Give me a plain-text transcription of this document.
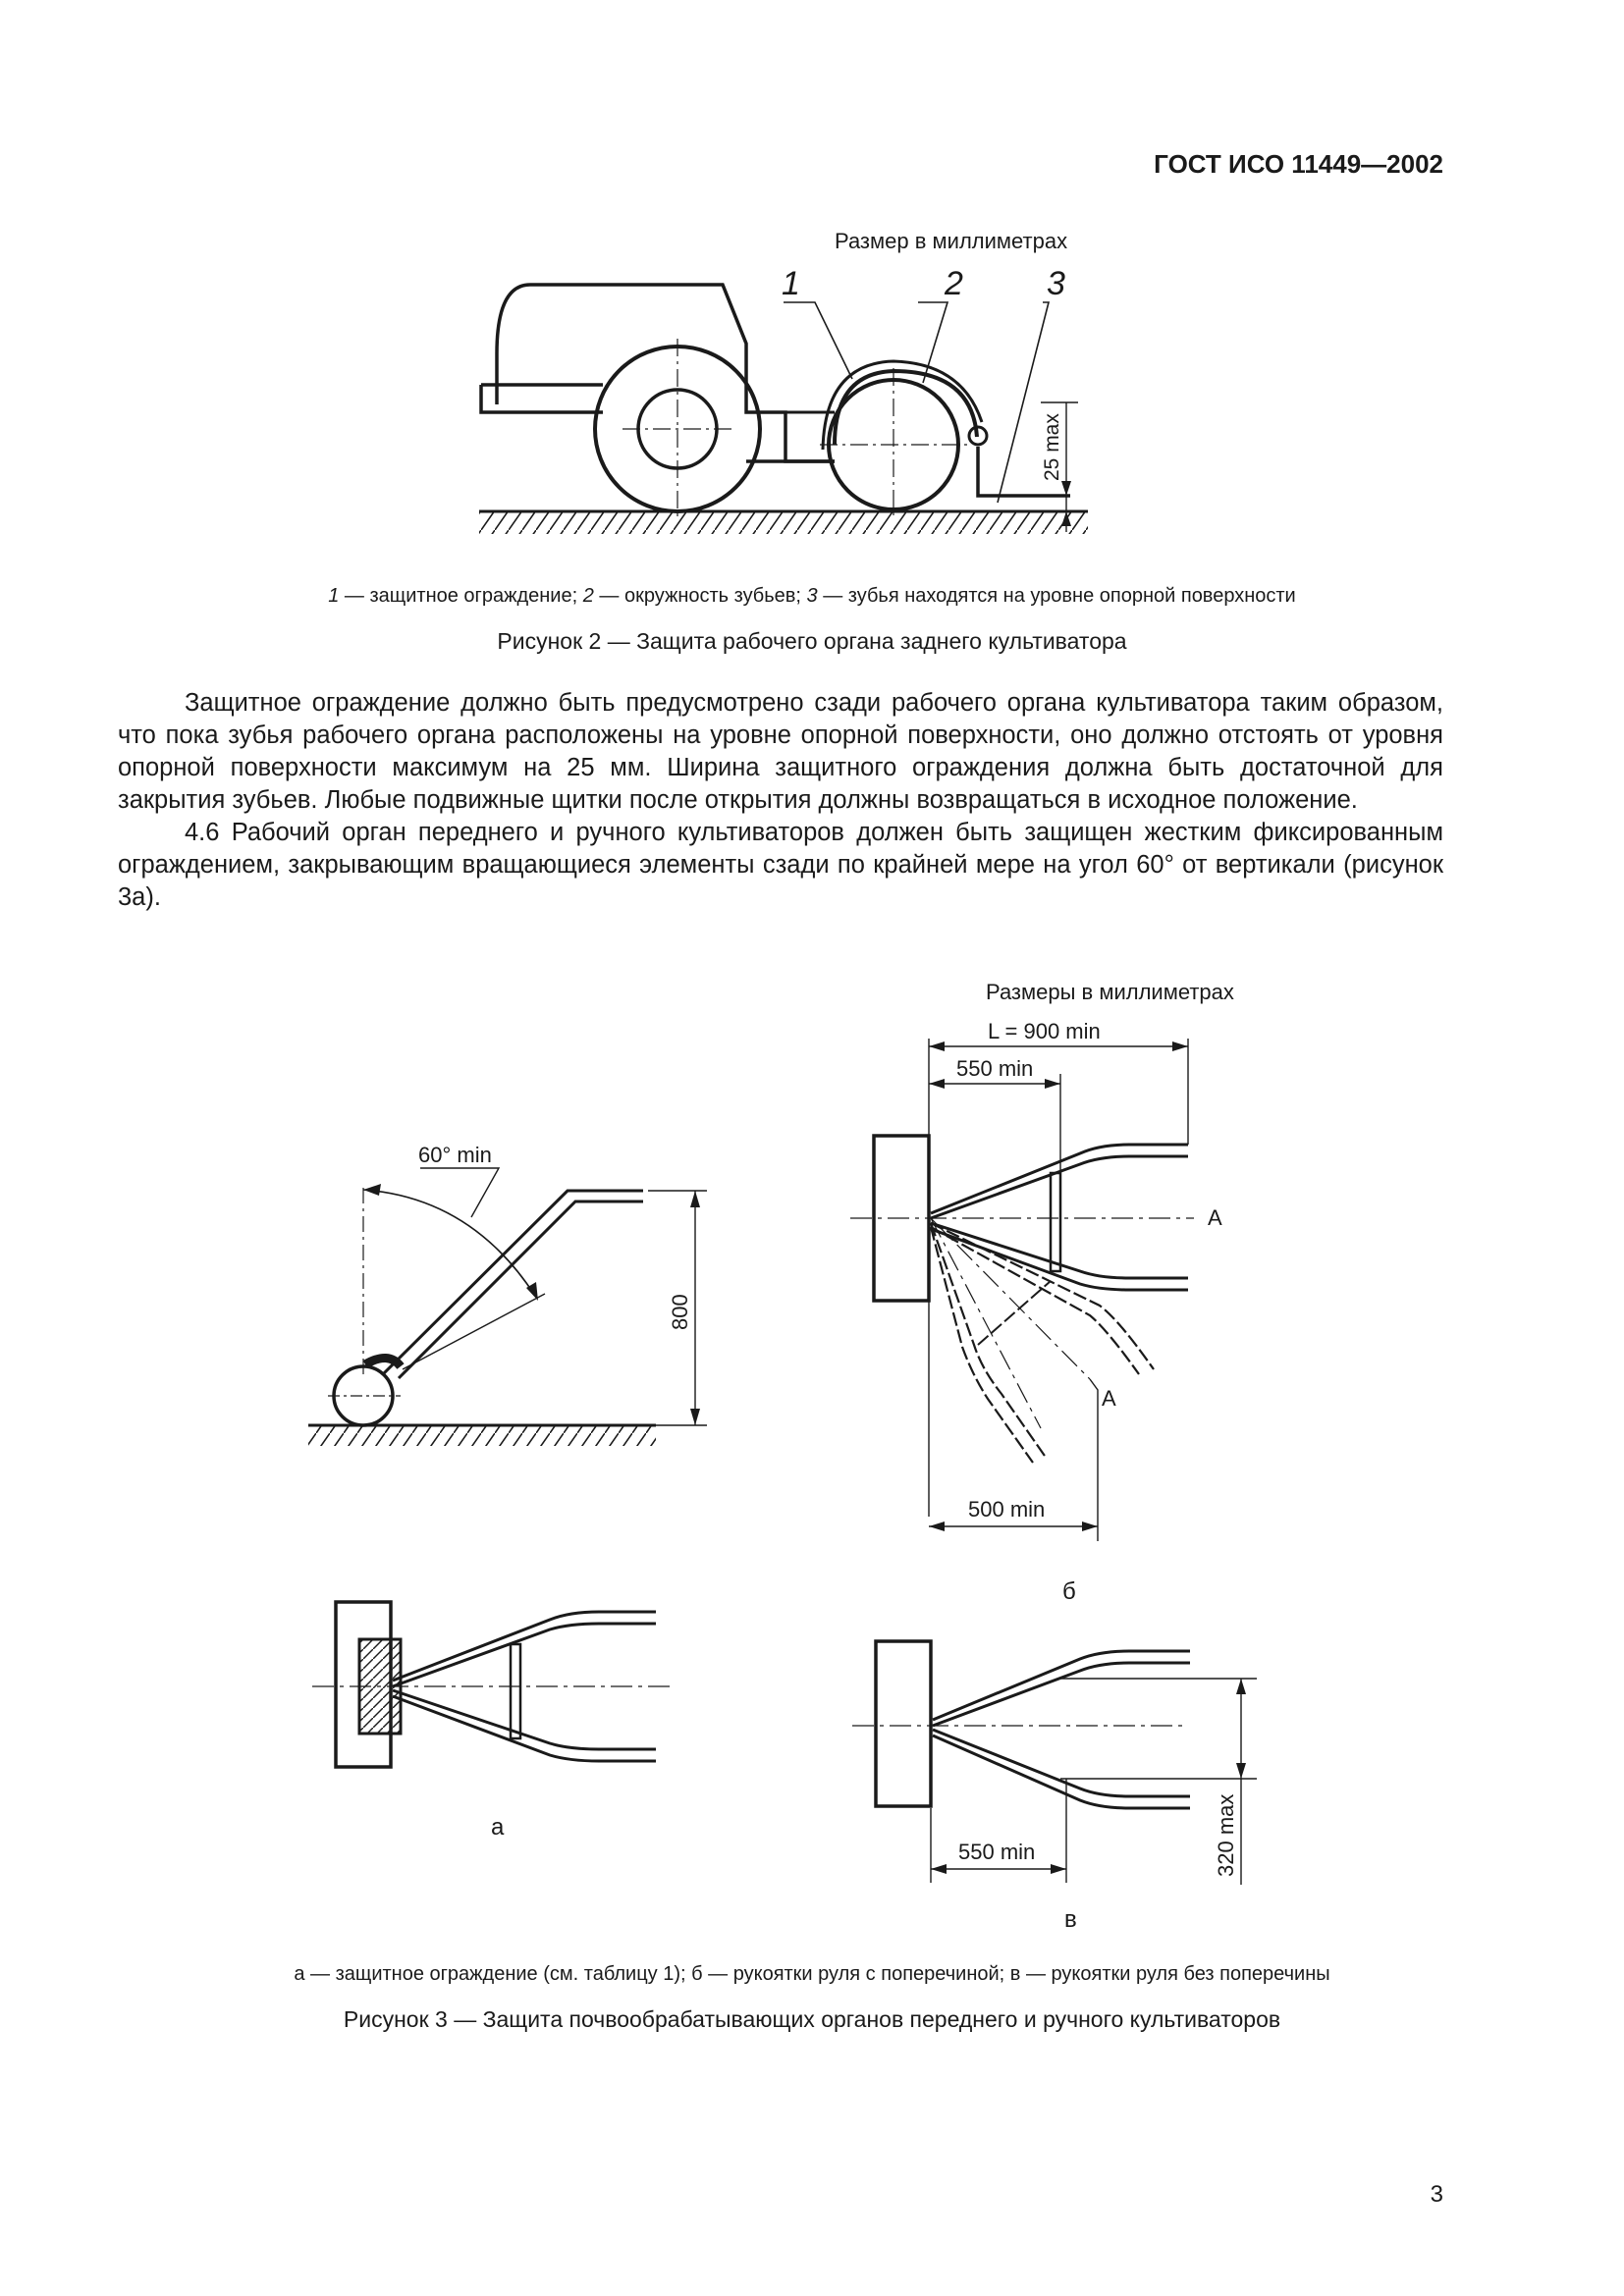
ГОСТ ИСО 11449—2002
Размер в миллиметрах
1	2	3
25 max
60° min
800
L = 900 min
550 min
A
A
500 min
550 min	320 max
1 — защитное ограждение; 2 — окружность зубьев; 3 — зубья находятся на уровне опорной поверхности
Рисунок 2 — Защита рабочего органа заднего культиватора

Защитное ограждение должно быть предусмотрено сзади рабочего органа культиватора таким образом, что пока зубья рабочего органа расположены на уровне опорной поверхности, оно должно отстоять от уровня опорной поверхности максимум на 25 мм. Ширина защитного ограждения должна быть достаточной для закрытия зубьев. Любые подвижные щитки после открытия должны возвращаться в исходное положение.

4.6 Рабочий орган переднего и ручного культиваторов должен быть защищен жестким фиксированным ограждением, закрывающим вращающиеся элементы сзади по крайней мере на угол 60° от вертикали (рисунок 3а).

Размеры в миллиметрах
а
б
в
а — защитное ограждение (см. таблицу 1); б — рукоятки руля с поперечиной; в — рукоятки руля без поперечины
Рисунок 3 — Защита почвообрабатывающих органов переднего и ручного культиваторов
3
